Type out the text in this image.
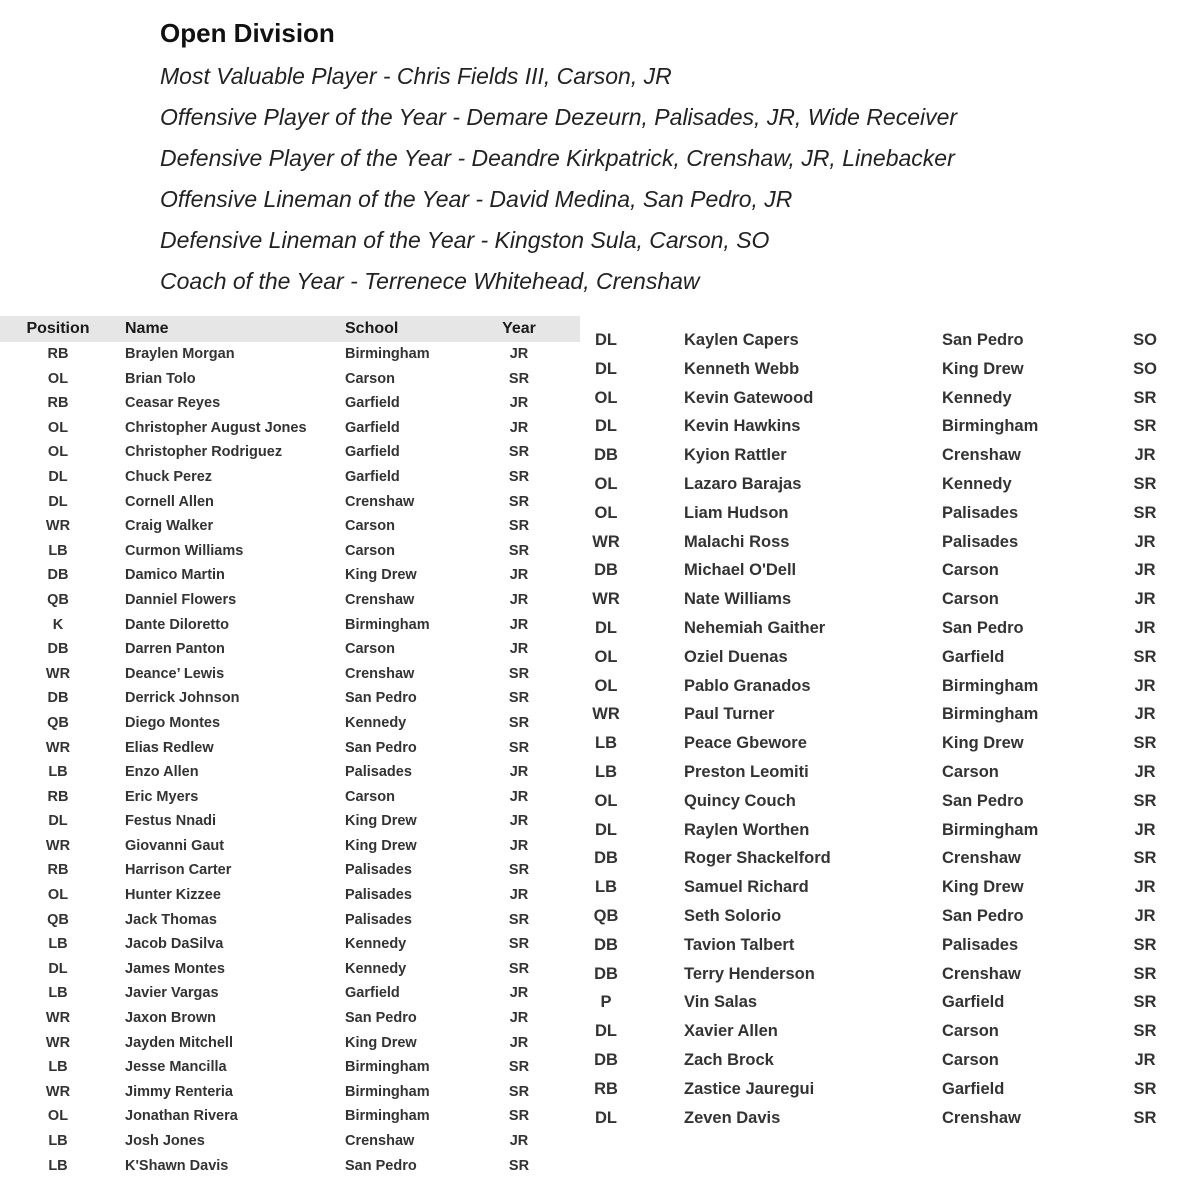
Open Division
Most Valuable Player - Chris Fields III, Carson, JR
Offensive Player of the Year - Demare Dezeurn, Palisades, JR, Wide Receiver
Defensive Player of the Year - Deandre Kirkpatrick, Crenshaw, JR, Linebacker
Offensive Lineman of the Year - David Medina, San Pedro, JR
Defensive Lineman of the Year - Kingston Sula, Carson, SO
Coach of the Year - Terrenece Whitehead, Crenshaw
Position	Name	School	Year
RB	Braylen Morgan	Birmingham	JR
OL	Brian Tolo	Carson	SR
RB	Ceasar Reyes	Garfield	JR
OL	Christopher August Jones	Garfield	JR
OL	Christopher Rodriguez	Garfield	SR
DL	Chuck Perez	Garfield	SR
DL	Cornell Allen	Crenshaw	SR
WR	Craig Walker	Carson	SR
LB	Curmon Williams	Carson	SR
DB	Damico Martin	King Drew	JR
QB	Danniel Flowers	Crenshaw	JR
K	Dante Diloretto	Birmingham	JR
DB	Darren Panton	Carson	JR
WR	Deance’ Lewis	Crenshaw	SR
DB	Derrick Johnson	San Pedro	SR
QB	Diego Montes	Kennedy	SR
WR	Elias Redlew	San Pedro	SR
LB	Enzo Allen	Palisades	JR
RB	Eric Myers	Carson	JR
DL	Festus Nnadi	King Drew	JR
WR	Giovanni Gaut	King Drew	JR
RB	Harrison Carter	Palisades	SR
OL	Hunter Kizzee	Palisades	JR
QB	Jack Thomas	Palisades	SR
LB	Jacob DaSilva	Kennedy	SR
DL	James Montes	Kennedy	SR
LB	Javier Vargas	Garfield	JR
WR	Jaxon Brown	San Pedro	JR
WR	Jayden Mitchell	King Drew	JR
LB	Jesse Mancilla	Birmingham	SR
WR	Jimmy Renteria	Birmingham	SR
OL	Jonathan Rivera	Birmingham	SR
LB	Josh Jones	Crenshaw	JR
LB	K'Shawn Davis	San Pedro	SR
DL	Kaylen Capers	San Pedro	SO
DL	Kenneth Webb	King Drew	SO
OL	Kevin Gatewood	Kennedy	SR
DL	Kevin Hawkins	Birmingham	SR
DB	Kyion Rattler	Crenshaw	JR
OL	Lazaro Barajas	Kennedy	SR
OL	Liam Hudson	Palisades	SR
WR	Malachi Ross	Palisades	JR
DB	Michael O'Dell	Carson	JR
WR	Nate Williams	Carson	JR
DL	Nehemiah Gaither	San Pedro	JR
OL	Oziel Duenas	Garfield	SR
OL	Pablo Granados	Birmingham	JR
WR	Paul Turner	Birmingham	JR
LB	Peace Gbewore	King Drew	SR
LB	Preston Leomiti	Carson	JR
OL	Quincy Couch	San Pedro	SR
DL	Raylen Worthen	Birmingham	JR
DB	Roger Shackelford	Crenshaw	SR
LB	Samuel Richard	King Drew	JR
QB	Seth Solorio	San Pedro	JR
DB	Tavion Talbert	Palisades	SR
DB	Terry Henderson	Crenshaw	SR
P	Vin Salas	Garfield	SR
DL	Xavier Allen	Carson	SR
DB	Zach Brock	Carson	JR
RB	Zastice Jauregui	Garfield	SR
DL	Zeven Davis	Crenshaw	SR
